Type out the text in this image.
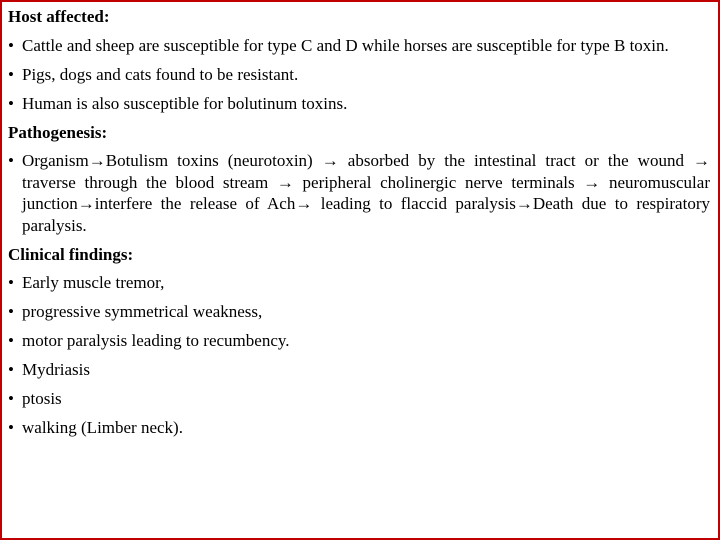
Host affected:
• Cattle and sheep are susceptible for type C and D while horses are susceptible for type B toxin.
• Pigs, dogs and cats found to be resistant.
• Human is also susceptible for bolutinum toxins.
Pathogenesis:
• Organism→Botulism toxins (neurotoxin) → absorbed by the intestinal tract or the wound → traverse through the blood stream → peripheral cholinergic nerve terminals → neuromuscular junction→interfere the release of Ach→ leading to flaccid paralysis→Death due to respiratory paralysis.
Clinical findings:
• Early muscle tremor,
• progressive symmetrical weakness,
• motor paralysis leading to recumbency.
• Mydriasis
• ptosis
• walking (Limber neck).
